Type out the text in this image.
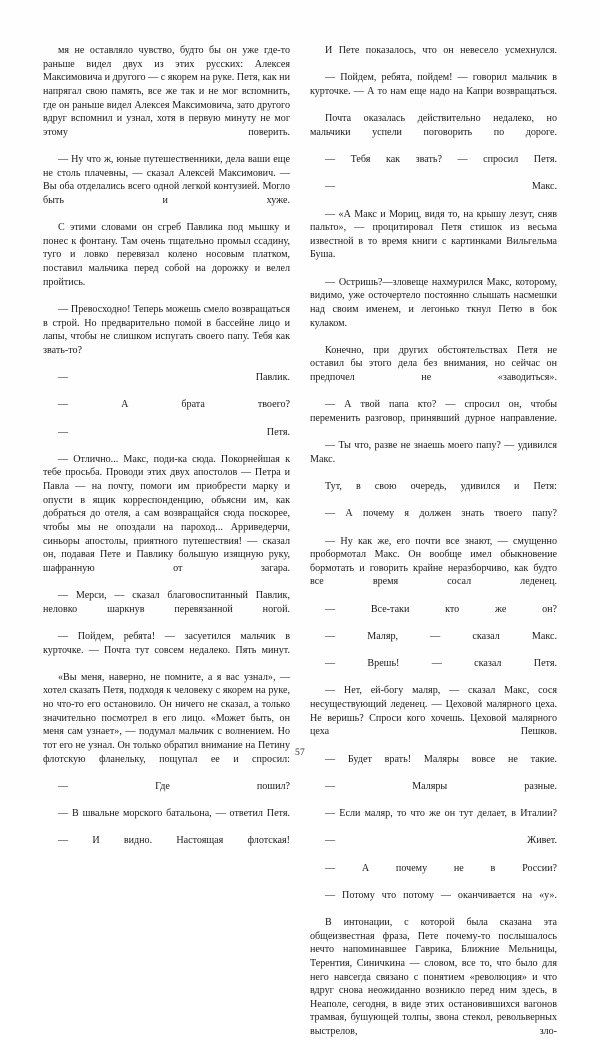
мя не оставляло чувство, будто бы он уже где-то раньше видел двух из этих русских: Алексея Максимовича и другого — с якорем на руке. Петя, как ни напрягал свою память, все же так и не мог вспомнить, где он раньше видел Алексея Максимовича, зато другого вдруг вспомнил и узнал, хотя в первую минуту не мог этому поверить.

— Ну что ж, юные путешественники, дела ваши еще не столь плачевны, — сказал Алексей Максимович. — Вы оба отделались всего одной легкой контузией. Могло быть и хуже.

С этими словами он сгреб Павлика под мышку и понес к фонтану. Там очень тщательно промыл ссадину, туго и ловко перевязал колено носовым платком, поставил мальчика перед собой на дорожку и велел пройтись.

— Превосходно! Теперь можешь смело возвращаться в строй. Но предварительно помой в бассейне лицо и лапы, чтобы не слишком испугать своего папу. Тебя как звать-то?

— Павлик.

— А брата твоего?

— Петя.

— Отлично... Макс, поди-ка сюда. Покорнейшая к тебе просьба. Проводи этих двух апостолов — Петра и Павла — на почту, помоги им приобрести марку и опусти в ящик корреспонденцию, объясни им, как добраться до отеля, а сам возвращайся сюда поскорее, чтобы мы не опоздали на пароход... Арриведерчи, синьоры апостолы, приятного путешествия! — сказал он, подавая Пете и Павлику большую изящную руку, шафранную от загара.

— Мерси, — сказал благовоспитанный Павлик, неловко шаркнув перевязанной ногой.

— Пойдем, ребята! — засуетился мальчик в курточке. — Почта тут совсем недалеко. Пять минут.

«Вы меня, наверно, не помните, а я вас узнал», — хотел сказать Петя, подходя к человеку с якорем на руке, но что-то его остановило. Он ничего не сказал, а только значительно посмотрел в его лицо. «Может быть, он меня сам узнает», — подумал мальчик с волнением. Но тот его не узнал. Он только обратил внимание на Петину флотскую фланельку, пощупал ее и спросил:

— Где пошил?

— В швальне морского батальона, — ответил Петя.

— И видно. Настоящая флотская!

И Пете показалось, что он невесело усмехнулся.

— Пойдем, ребята, пойдем! — говорил мальчик в курточке. — А то нам еще надо на Капри возвращаться.

Почта оказалась действительно недалеко, но мальчики успели поговорить по дороге.

— Тебя как звать? — спросил Петя.

— Макс.

— «А Макс и Мориц, видя то, на крышу лезут, сняв пальто», — процитировал Петя стишок из весьма известной в то время книги с картинками Вильгельма Буша.

— Остришь?—зловеще нахмурился Макс, которому, видимо, уже осточертело постоянно слышать насмешки над своим именем, и легонько ткнул Петю в бок кулаком.

Конечно, при других обстоятельствах Петя не оставил бы этого дела без внимания, но сейчас он предпочел не «заводиться».

— А твой папа кто? — спросил он, чтобы переменить разговор, принявший дурное направление.

— Ты что, разве не знаешь моего папу? — удивился Макс.

Тут, в свою очередь, удивился и Петя:

— А почему я должен знать твоего папу?

— Ну как же, его почти все знают, — смущенно пробормотал Макс. Он вообще имел обыкновение бормотать и говорить крайне неразборчиво, как будто все время сосал леденец.

— Все-таки кто же он?

— Маляр, — сказал Макс.

— Врешь! — сказал Петя.

— Нет, ей-богу маляр, — сказал Макс, сося несуществующий леденец. — Цеховой малярного цеха. Не веришь? Спроси кого хочешь. Цеховой малярного цеха Пешков.

— Будет врать! Маляры вовсе не такие.

— Маляры разные.

— Если маляр, то что же он тут делает, в Италии?

— Живет.

— А почему не в России?

— Потому что потому — оканчивается на «у».

В интонации, с которой была сказана эта общеизвестная фраза, Пете почему-то послышалось нечто напоминавшее Гаврика, Ближние Мельницы, Терентия, Синичкина — словом, все то, что было для него навсегда связано с понятием «революция» и что вдруг снова неожиданно возникло перед ним здесь, в Неаполе, сегодня, в виде этих остановившихся вагонов трамвая, бушующей толпы, звона стекол, револьверных выстрелов, зло-

57
